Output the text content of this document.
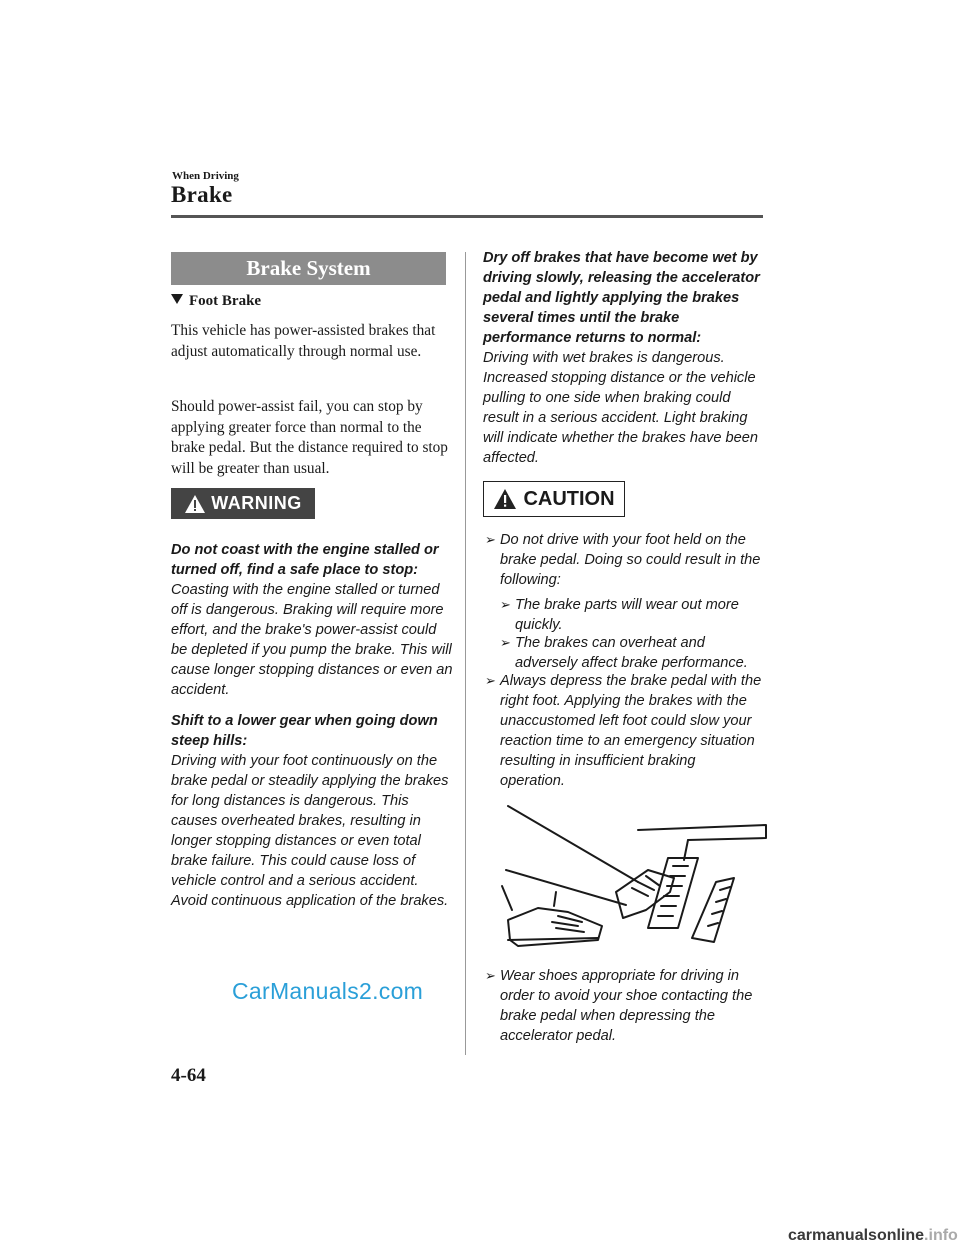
When Driving
Brake
Brake System
Foot Brake
This vehicle has power-assisted brakes that adjust automatically through normal use.
Should power-assist fail, you can stop by applying greater force than normal to the brake pedal. But the distance required to stop will be greater than usual.
WARNING
Do not coast with the engine stalled or turned off, find a safe place to stop:
Coasting with the engine stalled or turned off is dangerous. Braking will require more effort, and the brake's power-assist could be depleted if you pump the brake. This will cause longer stopping distances or even an accident.
Shift to a lower gear when going down steep hills:
Driving with your foot continuously on the brake pedal or steadily applying the brakes for long distances is dangerous. This causes overheated brakes, resulting in longer stopping distances or even total brake failure. This could cause loss of vehicle control and a serious accident. Avoid continuous application of the brakes.
Dry off brakes that have become wet by driving slowly, releasing the accelerator pedal and lightly applying the brakes several times until the brake performance returns to normal:
Driving with wet brakes is dangerous. Increased stopping distance or the vehicle pulling to one side when braking could result in a serious accident. Light braking will indicate whether the brakes have been affected.
CAUTION
➢ Do not drive with your foot held on the brake pedal. Doing so could result in the following:
➢ The brake parts will wear out more quickly.
➢ The brakes can overheat and adversely affect brake performance.
➢ Always depress the brake pedal with the right foot. Applying the brakes with the unaccustomed left foot could slow your reaction time to an emergency situation resulting in insufficient braking operation.
➢ Wear shoes appropriate for driving in order to avoid your shoe contacting the brake pedal when depressing the accelerator pedal.
CarManuals2.com
4-64
carmanualsonline.info
